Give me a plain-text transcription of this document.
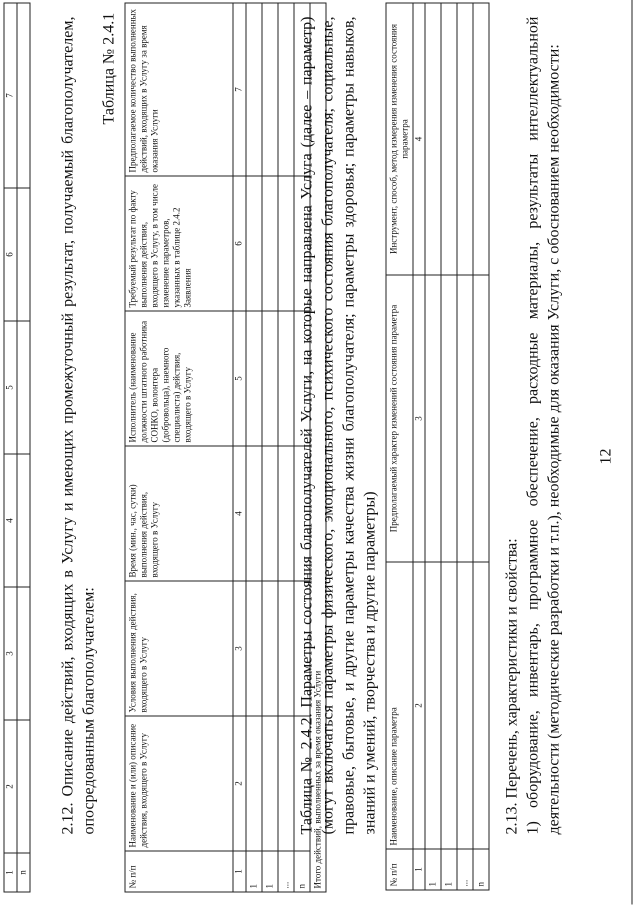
1	2	3	4	5	6	7
n						
12

2.12. Описание действий, входящих в Услугу и имеющих промежуточный результат, получаемый благополучателем, опосредованным благополучателем:

Таблица № 2.4.1
№ п/п	Наименование и (или) описание действия, входящего в Услугу	Условия выполнения действия, входящего в Услугу	Время (мин., час, сутки) выполнения действия, входящего в Услугу	Исполнитель (наименование должности штатного работника СОНКО, волонтера (добровольца), наемного специалиста) действия, входящего в Услугу	Требуемый результат по факту выполнения действия, входящего в Услугу, в том числе изменение параметров, указанных в таблице 2.4.2 Заявления	Предполагаемое количество выполненных действий, входящих в Услугу за время оказания Услуги
1	2	3	4	5	6	7
1						
1						
...						
n						
Итого действий, выполненных за время оказания Услуги						

Таблица № 2.4.2. Параметры состояния благополучателей Услуги, на которые направлена Услуга (далее – параметр) (могут включаться параметры физического, эмоционального, психического состояния благополучателя; социальные, правовые, бытовые, и другие параметры качества жизни благополучателя; параметры здоровья; параметры навыков, знаний и умений, творчества и другие параметры)

№ п/п	Наименование, описание параметра	Предполагаемый характер изменений состояния параметра	Инструмент, способ, метод измерения изменения состояния параметра
1	2	3	4
1			
1			
...			
n			

2.13. Перечень, характеристики и свойства: 1) оборудование, инвентарь, программное обеспечение, расходные материалы, результаты интеллектуальной деятельности (методические разработки и т.п.), необходимые для оказания Услуги, с обоснованием необходимости:
